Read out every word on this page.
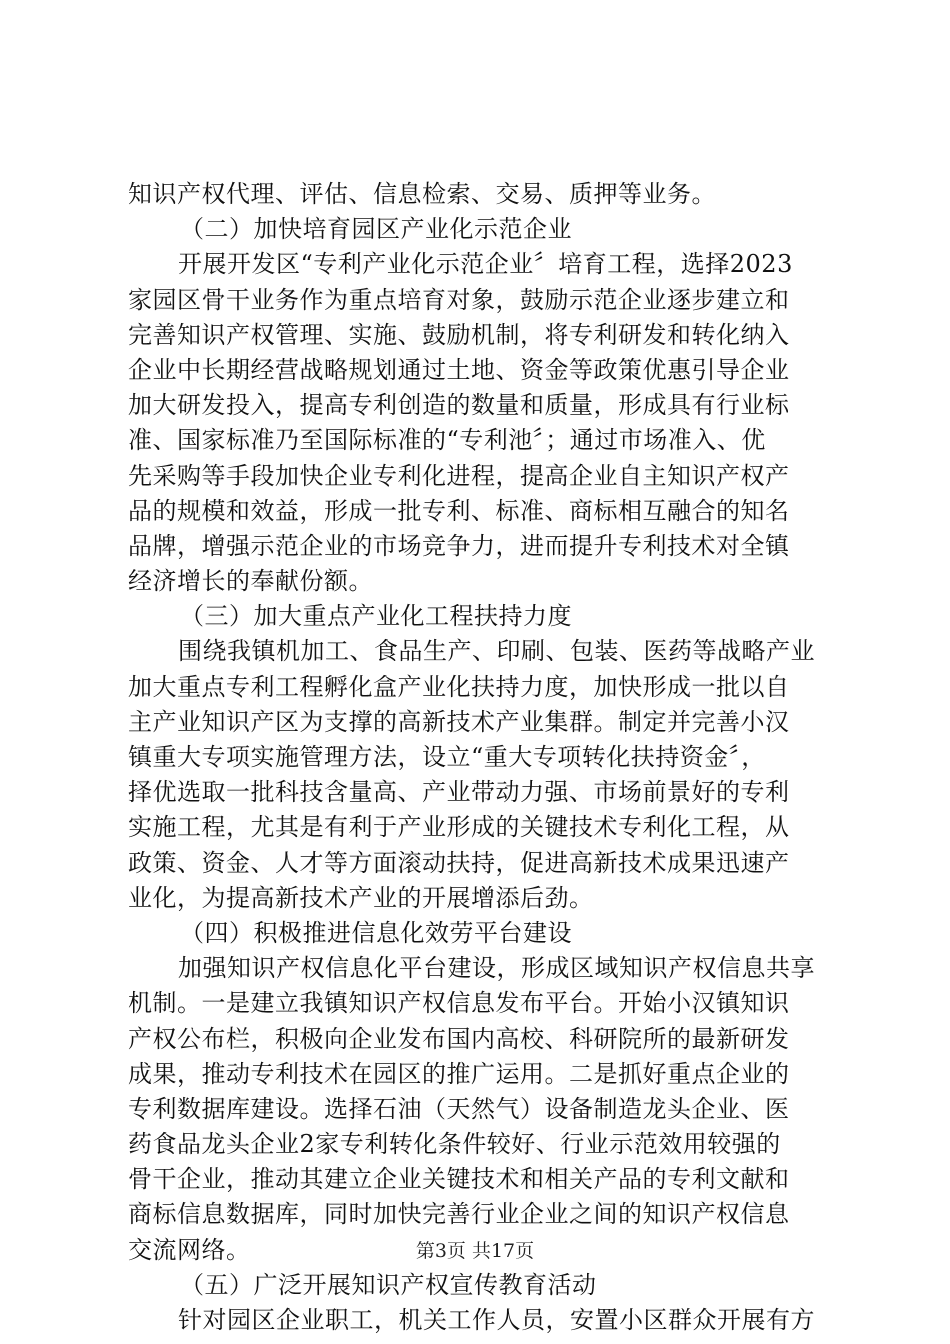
知识产权代理、评估、信息检索、交易、质押等业务。
（二）加快培育园区产业化示范企业
开展开发区“专利产业化示范企业〞培育工程，选择2023
家园区骨干业务作为重点培育对象，鼓励示范企业逐步建立和
完善知识产权管理、实施、鼓励机制，将专利研发和转化纳入
企业中长期经营战略规划通过土地、资金等政策优惠引导企业
加大研发投入，提高专利创造的数量和质量，形成具有行业标
准、国家标准乃至国际标准的“专利池〞；通过市场准入、优
先采购等手段加快企业专利化进程，提高企业自主知识产权产
品的规模和效益，形成一批专利、标准、商标相互融合的知名
品牌，增强示范企业的市场竞争力，进而提升专利技术对全镇
经济增长的奉献份额。
（三）加大重点产业化工程扶持力度
围绕我镇机加工、食品生产、印刷、包装、医药等战略产业
加大重点专利工程孵化盒产业化扶持力度，加快形成一批以自
主产业知识产区为支撑的高新技术产业集群。制定并完善小汉
镇重大专项实施管理方法，设立“重大专项转化扶持资金〞，
择优选取一批科技含量高、产业带动力强、市场前景好的专利
实施工程，尤其是有利于产业形成的关键技术专利化工程，从
政策、资金、人才等方面滚动扶持，促进高新技术成果迅速产
业化，为提高新技术产业的开展增添后劲。
（四）积极推进信息化效劳平台建设
加强知识产权信息化平台建设，形成区域知识产权信息共享
机制。一是建立我镇知识产权信息发布平台。开始小汉镇知识
产权公布栏，积极向企业发布国内高校、科研院所的最新研发
成果，推动专利技术在园区的推广运用。二是抓好重点企业的
专利数据库建设。选择石油（天然气）设备制造龙头企业、医
药食品龙头企业2家专利转化条件较好、行业示范效用较强的
骨干企业，推动其建立企业关键技术和相关产品的专利文献和
商标信息数据库，同时加快完善行业企业之间的知识产权信息
交流网络。
（五）广泛开展知识产权宣传教育活动
针对园区企业职工，机关工作人员，安置小区群众开展有方
第3页 共17页
